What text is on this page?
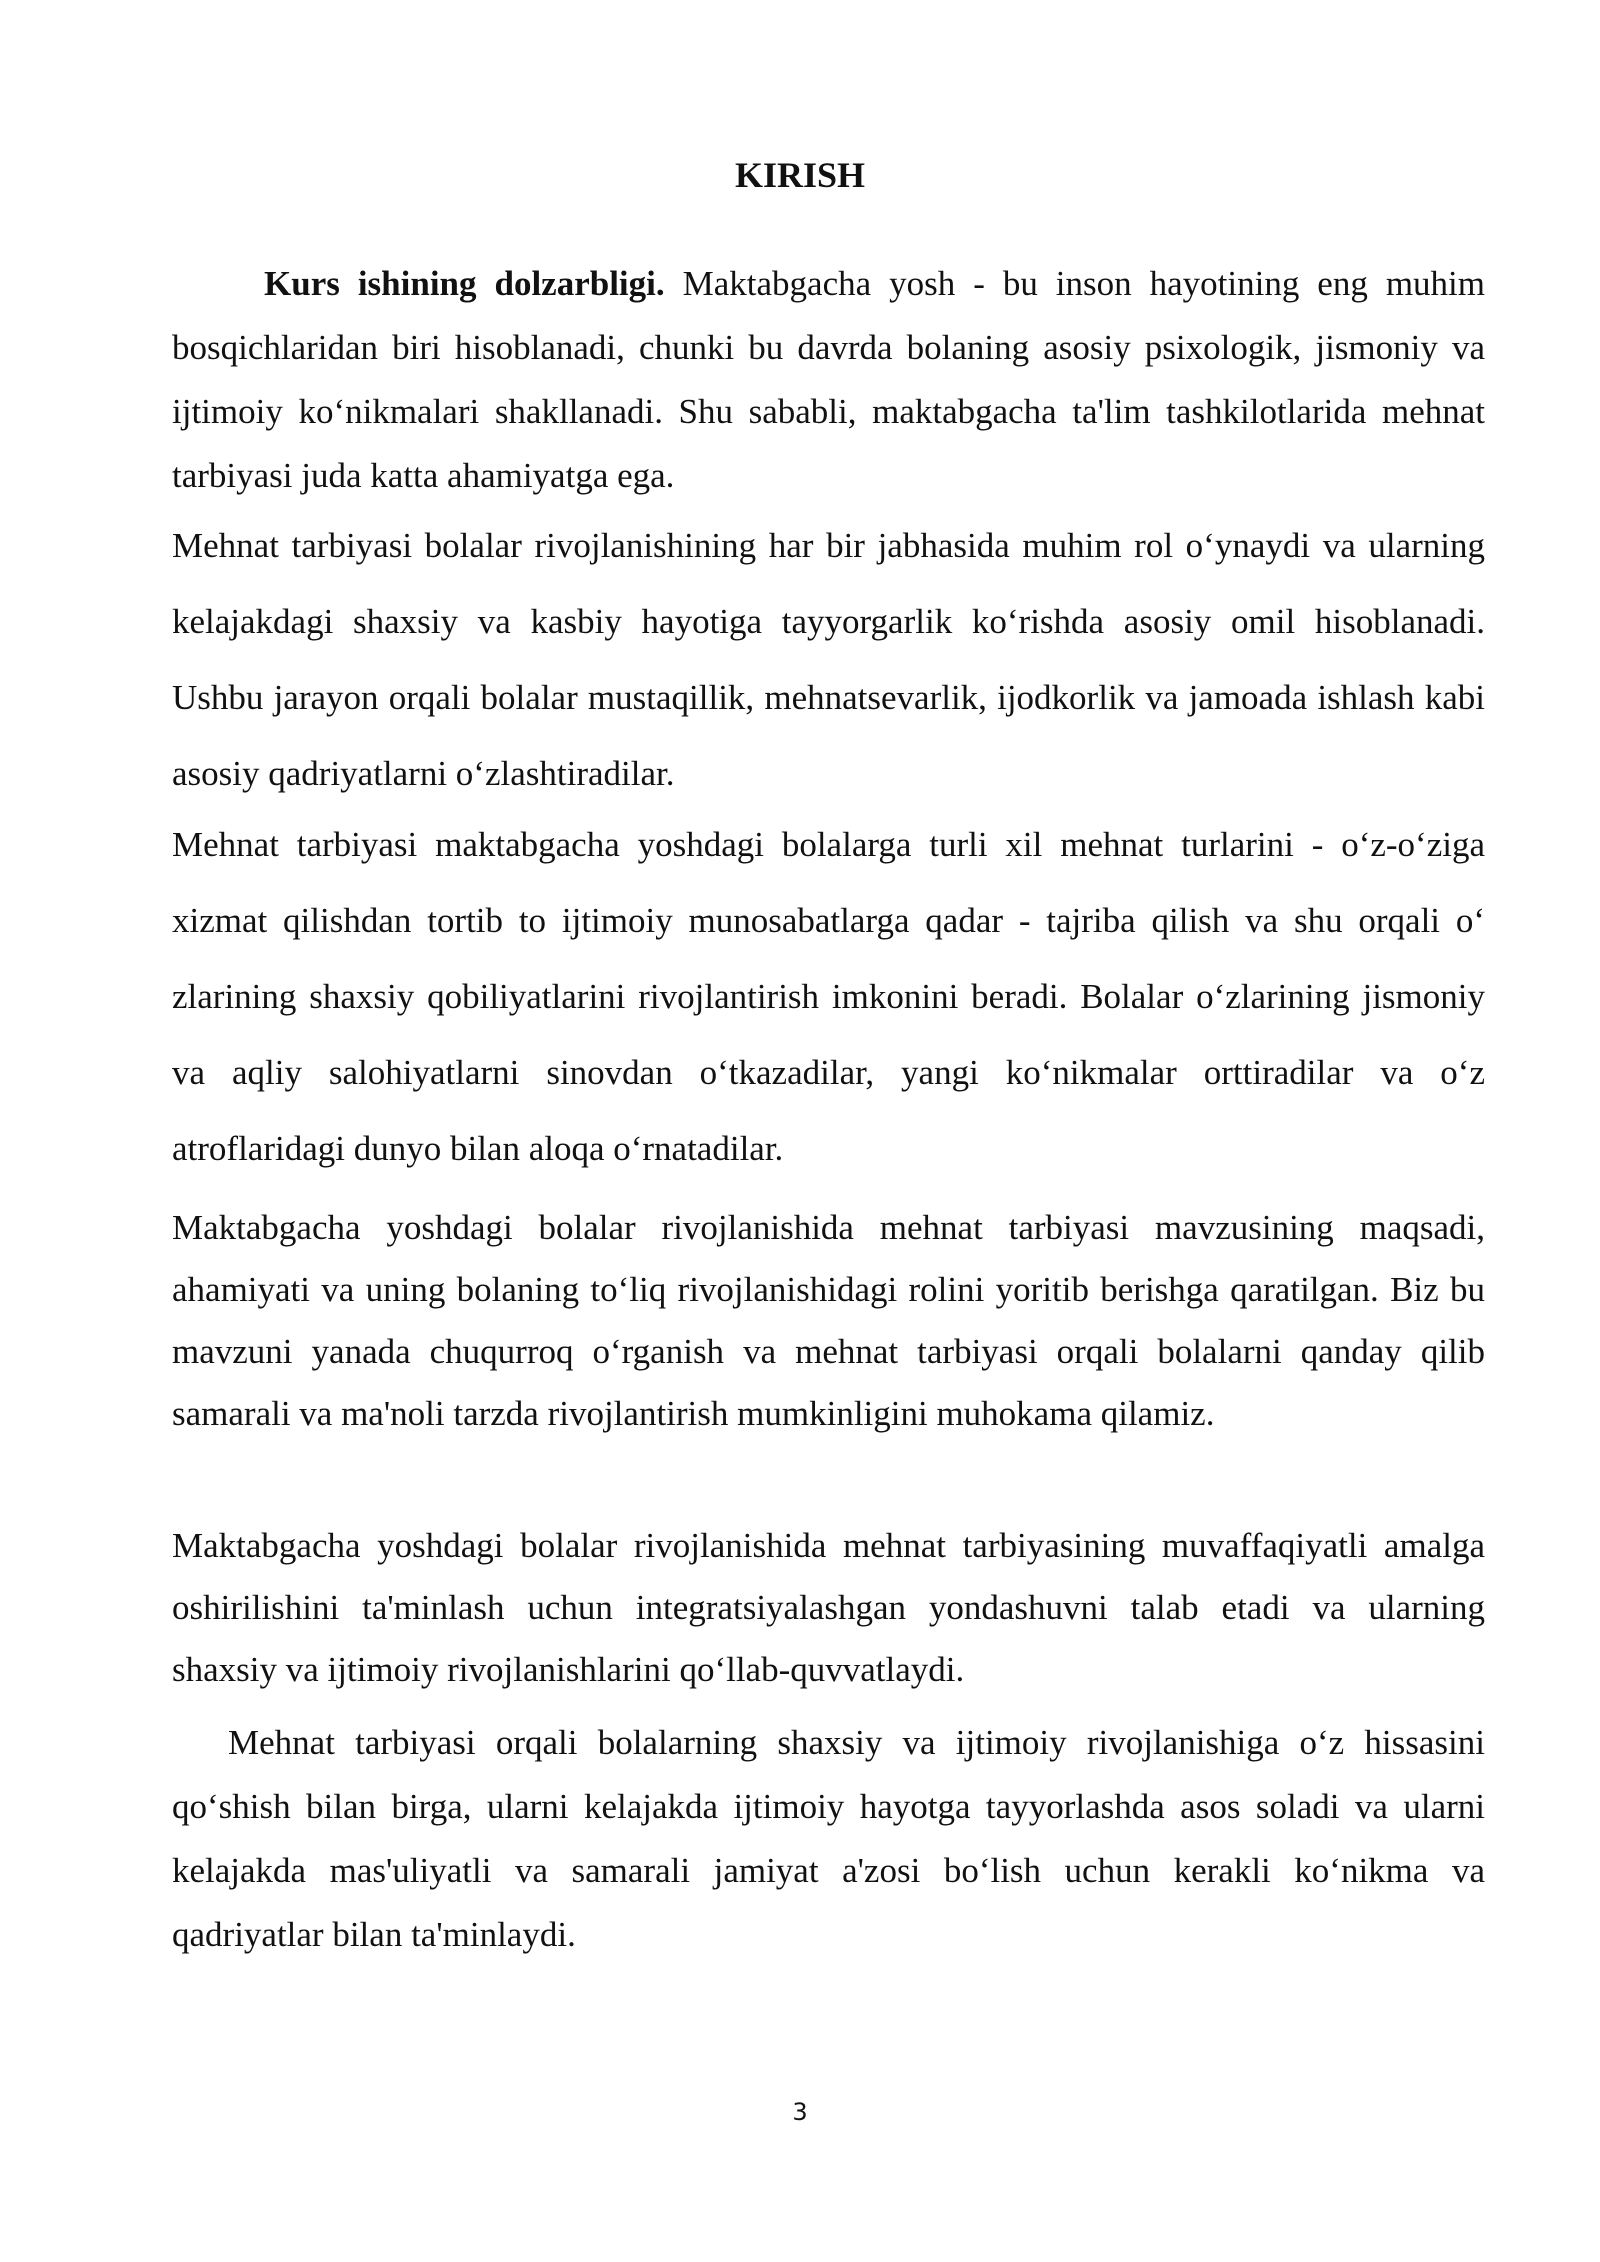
KIRISH

Kurs ishining dolzarbligi. Maktabgacha yosh - bu inson hayotining eng muhim bosqichlaridan biri hisoblanadi, chunki bu davrda bolaning asosiy psixologik, jismoniy va ijtimoiy koʻnikmalari shakllanadi. Shu sababli, maktabgacha ta'lim tashkilotlarida mehnat tarbiyasi juda katta ahamiyatga ega.

Mehnat tarbiyasi bolalar rivojlanishining har bir jabhasida muhim rol oʻynaydi va ularning kelajakdagi shaxsiy va kasbiy hayotiga tayyorgarlik koʻrishda asosiy omil hisoblanadi. Ushbu jarayon orqali bolalar mustaqillik, mehnatsevarlik, ijodkorlik va jamoada ishlash kabi asosiy qadriyatlarni oʻzlashtiradilar.

Mehnat tarbiyasi maktabgacha yoshdagi bolalarga turli xil mehnat turlarini - oʻz-oʻziga xizmat qilishdan tortib to ijtimoiy munosabatlarga qadar - tajriba qilish va shu orqali oʻ zlarining shaxsiy qobiliyatlarini rivojlantirish imkonini beradi. Bolalar oʻzlarining jismoniy va aqliy salohiyatlarni sinovdan oʻtkazadilar, yangi koʻnikmalar orttiradilar va oʻz atroflaridagi dunyo bilan aloqa oʻrnatadilar.

Maktabgacha yoshdagi bolalar rivojlanishida mehnat tarbiyasi mavzusining maqsadi, ahamiyati va uning bolaning toʻliq rivojlanishidagi rolini yoritib berishga qaratilgan. Biz bu mavzuni yanada chuqurroq oʻrganish va mehnat tarbiyasi orqali bolalarni qanday qilib samarali va ma'noli tarzda rivojlantirish mumkinligini muhokama qilamiz.

Maktabgacha yoshdagi bolalar rivojlanishida mehnat tarbiyasining muvaffaqiyatli amalga oshirilishini ta'minlash uchun integratsiyalashgan yondashuvni talab etadi va ularning shaxsiy va ijtimoiy rivojlanishlarini qoʻllab-quvvatlaydi.

Mehnat tarbiyasi orqali bolalarning shaxsiy va ijtimoiy rivojlanishiga oʻz hissasini qoʻshish bilan birga, ularni kelajakda ijtimoiy hayotga tayyorlashda asos soladi va ularni kelajakda mas'uliyatli va samarali jamiyat a'zosi boʻlish uchun kerakli koʻnikma va qadriyatlar bilan ta'minlaydi.

3
